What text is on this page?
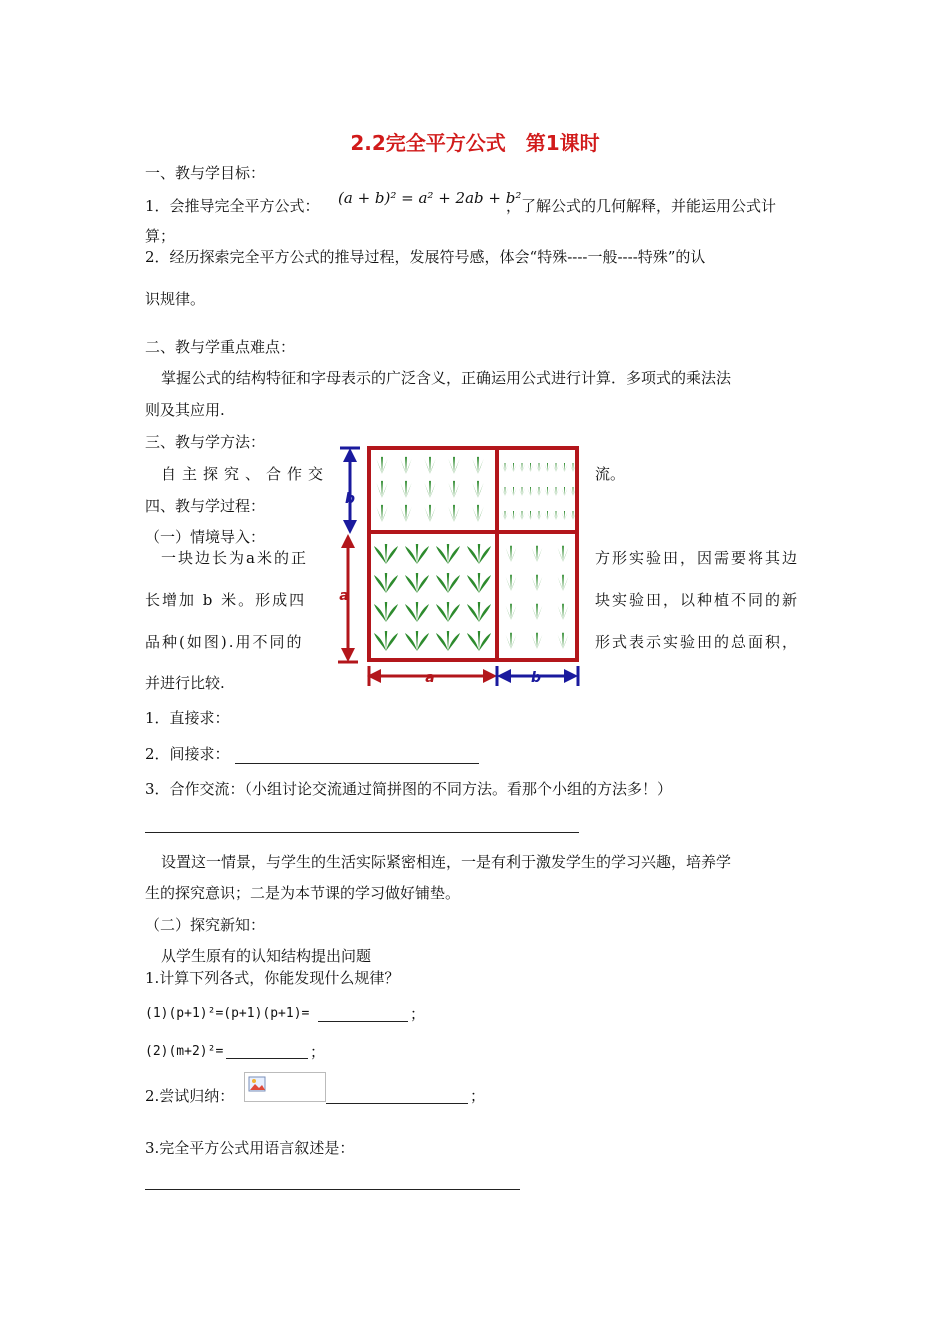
2.2完全平方公式　第1课时
一、教与学目标：
1．会推导完全平方公式： (a + b)² = a² + 2ab + b²
，了解公式的几何解释，并能运用公式计
算；
2．经历探索完全平方公式的推导过程，发展符号感，体会“特殊----一般----特殊”的认
识规律。
二、教与学重点难点：
掌握公式的结构特征和字母表示的广泛含义，正确运用公式进行计算．多项式的乘法法
则及其应用.
三、教与学方法：
自主探究、合作交	流。
四、教与学过程：
（一）情境导入：
一块边长为a米的正	方形实验田，因需要将其边
长增加 b 米。形成四	块实验田，以种植不同的新
品种(如图).用不同的	形式表示实验田的总面积，
并进行比较.
b
a
a	b
1．直接求：
2．间接求：
3．合作交流：（小组讨论交流通过简拼图的不同方法。看那个小组的方法多！）
设置这一情景，与学生的生活实际紧密相连，一是有利于激发学生的学习兴趣，培养学
生的探究意识；二是为本节课的学习做好铺垫。
（二）探究新知：
从学生原有的认知结构提出问题
1.计算下列各式，你能发现什么规律？
(1)(p+1)²=(p+1)(p+1)=	；
(2)(m+2)²=	；
2.尝试归纳：	；
3.完全平方公式用语言叙述是：
